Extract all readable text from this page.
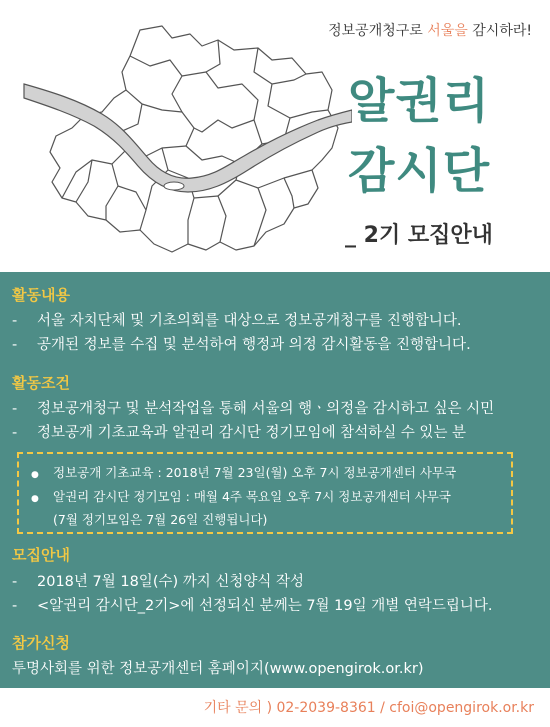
정보공개청구로 서울을 감시하라!
알권리
감시단
_ 2기 모집안내
활동내용
- 서울 자치단체 및 기초의회를 대상으로 정보공개청구를 진행합니다.
- 공개된 정보를 수집 및 분석하여 행정과 의정 감시활동을 진행합니다.
활동조건
- 정보공개청구 및 분석작업을 통해 서울의 행ㆍ의정을 감시하고 싶은 시민
- 정보공개 기초교육과 알권리 감시단 정기모임에 참석하실 수 있는 분
● 정보공개 기초교육 : 2018년 7월 23일(월) 오후 7시 정보공개센터 사무국
● 알권리 감시단 정기모임 : 매월 4주 목요일 오후 7시 정보공개센터 사무국
(7월 정기모임은 7월 26일 진행됩니다)
모집안내
- 2018년 7월 18일(수) 까지 신청양식 작성
- <알권리 감시단_2기>에 선정되신 분께는 7월 19일 개별 연락드립니다.
참가신청
투명사회를 위한 정보공개센터 홈페이지(www.opengirok.or.kr)
기타 문의 ) 02-2039-8361 / cfoi@opengirok.or.kr
